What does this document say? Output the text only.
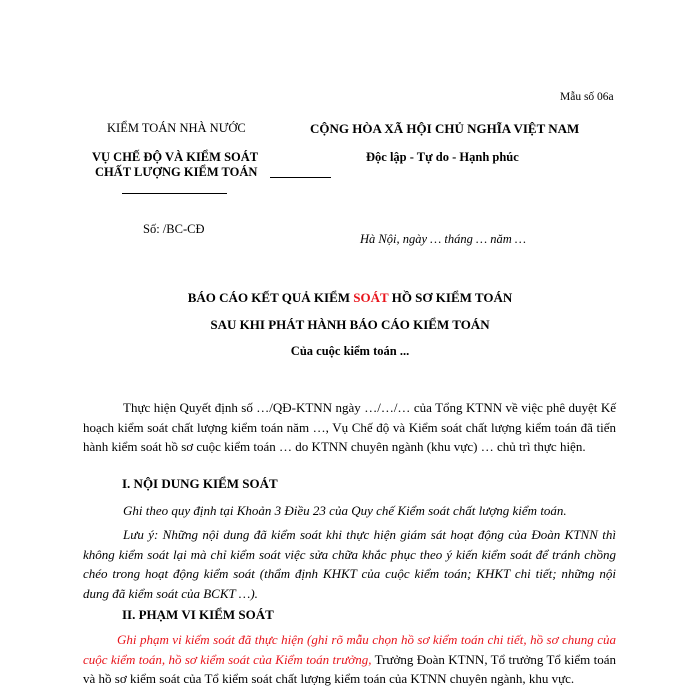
Mẫu số 06a
KIỂM TOÁN NHÀ NƯỚC	CỘNG HÒA XÃ HỘI CHỦ NGHĨA VIỆT NAM
VỤ CHẾ ĐỘ VÀ KIỂM SOÁT
CHẤT LƯỢNG KIỂM TOÁN
Độc lập - Tự do - Hạnh phúc
Số: /BC-CĐ
Hà Nội, ngày … tháng … năm …
BÁO CÁO KẾT QUẢ KIỂM SOÁT HỒ SƠ KIỂM TOÁN
SAU KHI PHÁT HÀNH BÁO CÁO KIỂM TOÁN
Của cuộc kiểm toán ...
Thực hiện Quyết định số …/QĐ-KTNN ngày …/…/… của Tổng KTNN về việc phê duyệt Kế hoạch kiểm soát chất lượng kiểm toán năm …, Vụ Chế độ và Kiểm soát chất lượng kiểm toán đã tiến hành kiểm soát hồ sơ cuộc kiểm toán … do KTNN chuyên ngành (khu vực) … chủ trì thực hiện.
I. NỘI DUNG KIỂM SOÁT
Ghi theo quy định tại Khoản 3 Điều 23 của Quy chế Kiểm soát chất lượng kiểm toán.
Lưu ý: Những nội dung đã kiểm soát khi thực hiện giám sát hoạt động của Đoàn KTNN thì không kiểm soát lại mà chỉ kiểm soát việc sửa chữa khắc phục theo ý kiến kiểm soát để tránh chồng chéo trong hoạt động kiểm soát (thẩm định KHKT của cuộc kiểm toán; KHKT chi tiết; những nội dung đã kiểm soát của BCKT …).
II. PHẠM VI KIỂM SOÁT
Ghi phạm vi kiểm soát đã thực hiện (ghi rõ mẫu chọn hồ sơ kiểm toán chi tiết, hồ sơ chung của cuộc kiểm toán, hồ sơ kiểm soát của Kiểm toán trưởng, Trưởng Đoàn KTNN, Tổ trưởng Tổ kiểm toán và hồ sơ kiểm soát của Tổ kiểm soát chất lượng kiểm toán của KTNN chuyên ngành, khu vực.
